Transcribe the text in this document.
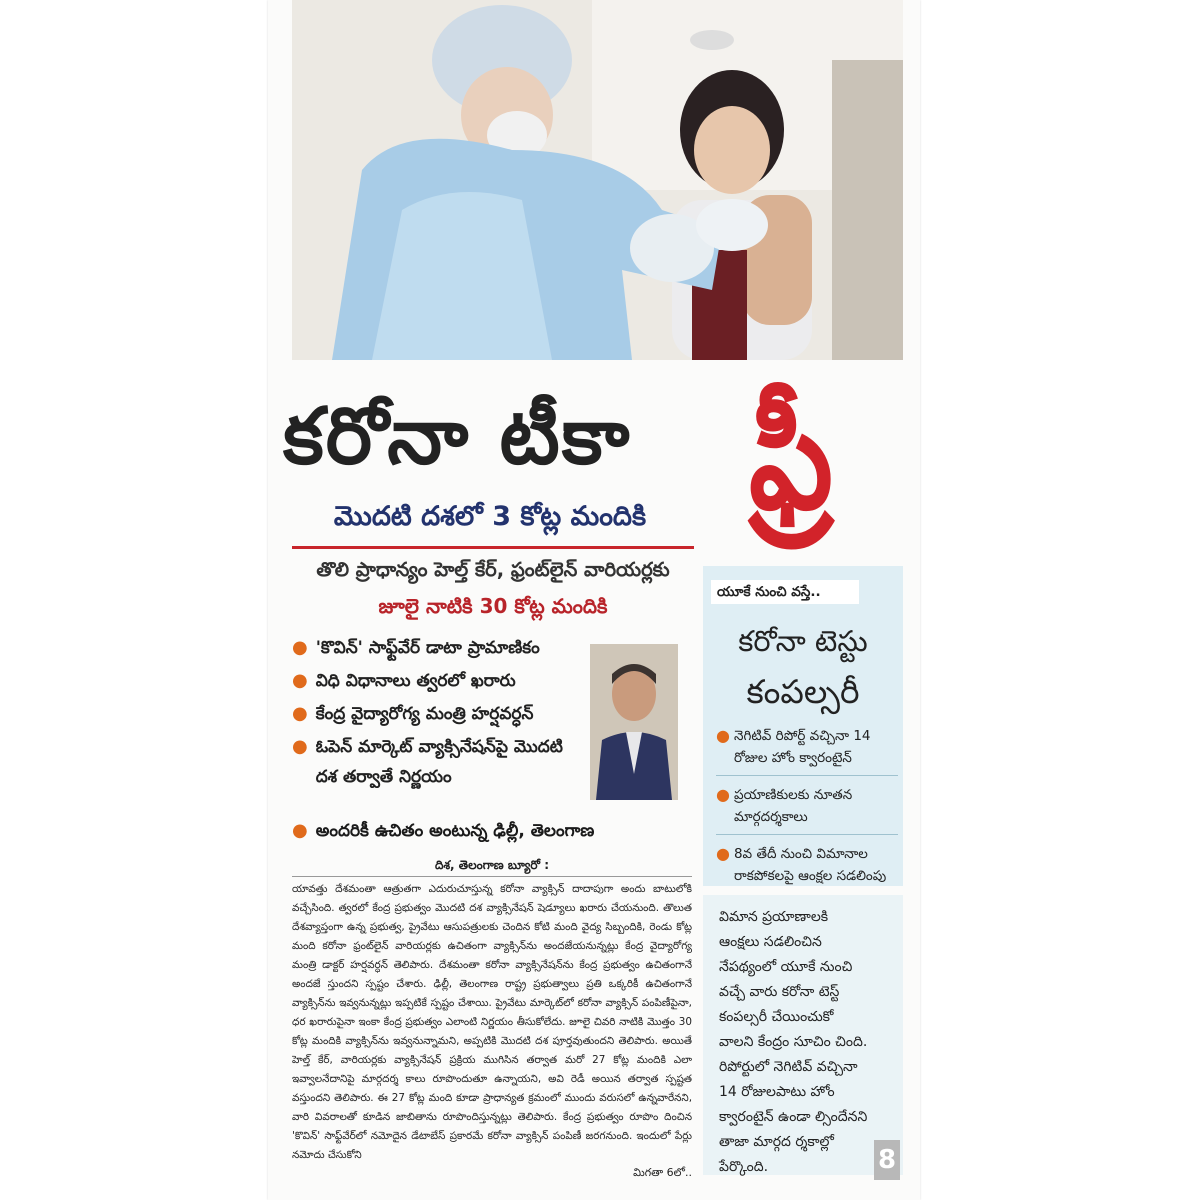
కరోనా టీకా ఫ్రీ
మొదటి దశలో 3 కోట్ల మందికి
తొలి ప్రాధాన్యం హెల్త్ కేర్, ఫ్రంట్‌లైన్ వారియర్లకు
జూలై నాటికి 30 కోట్ల మందికి
● 'కొవిన్' సాఫ్ట్‌వేర్ డాటా ప్రామాణికం
● విధి విధానాలు త్వరలో ఖరారు
● కేంద్ర వైద్యారోగ్య మంత్రి హర్షవర్ధన్
● ఓపెన్ మార్కెట్ వ్యాక్సినేషన్‌పై మొదటి దశ తర్వాతే నిర్ణయం
● అందరికీ ఉచితం అంటున్న ఢిల్లీ, తెలంగాణ
యూకే నుంచి వస్తే..
కరోనా టెస్టు
కంపల్సరీ
● నెగిటివ్ రిపోర్ట్ వచ్చినా 14 రోజుల హోం క్వారంటైన్
● ప్రయాణికులకు నూతన మార్గదర్శకాలు
● 8వ తేదీ నుంచి విమానాల రాకపోకలపై ఆంక్షల సడలింపు
విమాన ప్రయాణాలకి ఆంక్షలు సడలించిన నేపథ్యంలో యూకే నుంచి వచ్చే వారు కరోనా టెస్ట్ కంపల్సరీ చేయించుకో వాలని కేంద్రం సూచిం చింది. రిపోర్టులో నెగిటివ్ వచ్చినా 14 రోజులపాటు హోం క్వారంటైన్ ఉండా ల్సిందేనని తాజా మార్గద ర్శకాల్లో పేర్కొంది.	8
దిశ, తెలంగాణ బ్యూరో :
యావత్తు దేశమంతా ఆత్రుతగా ఎదురుచూస్తున్న కరోనా వ్యాక్సిన్ దాదాపుగా అందు బాటులోకి వచ్చేసింది. త్వరలో కేంద్ర ప్రభుత్వం మొదటి దశ వ్యాక్సినేషన్ షెడ్యూలు ఖరారు చేయనుంది. తొలుత దేశవ్యాప్తంగా ఉన్న ప్రభుత్వ, ప్రైవేటు ఆసుపత్రులకు చెందిన కోటి మంది వైద్య సిబ్బందికి, రెండు కోట్ల మంది కరోనా ఫ్రంట్‌లైన్ వారియర్లకు ఉచితంగా వ్యాక్సిన్‌ను అందజేయనున్నట్లు కేంద్ర వైద్యారోగ్య మంత్రి డాక్టర్ హర్షవర్ధన్ తెలిపారు. దేశమంతా కరోనా వ్యాక్సినేషన్‌ను కేంద్ర ప్రభుత్వం ఉచితంగానే అందజే స్తుందని స్పష్టం చేశారు. ఢిల్లీ, తెలంగాణ రాష్ట్ర ప్రభుత్వాలు ప్రతి ఒక్కరికీ ఉచితంగానే వ్యాక్సిన్‌ను ఇవ్వనున్నట్లు ఇప్పటికే స్పష్టం చేశాయి. ప్రైవేటు మార్కెట్‌లో కరోనా వ్యాక్సిన్ పంపిణీపైనా, ధర ఖరారుపైనా ఇంకా కేంద్ర ప్రభుత్వం ఎలాంటి నిర్ణయం తీసుకోలేదు. జూలై చివరి నాటికి మొత్తం 30 కోట్ల మందికి వ్యాక్సిన్‌ను ఇవ్వనున్నామని, అప్పటికి మొదటి దశ పూర్తవుతుందని తెలిపారు. అయితే హెల్త్ కేర్, వారియర్లకు వ్యాక్సినేషన్ ప్రక్రియ ముగిసిన తర్వాత మరో 27 కోట్ల మందికి ఎలా ఇవ్వాలనేదానిపై మార్గదర్శ కాలు రూపొందుతూ ఉన్నాయని, అవి రెడీ అయిన తర్వాత స్పష్టత వస్తుందని తెలిపారు. ఈ 27 కోట్ల మంది కూడా ప్రాధాన్యత క్రమంలో ముందు వరుసలో ఉన్నవారేనని, వారి వివరాలతో కూడిన జాబితాను రూపొందిస్తున్నట్లు తెలిపారు. కేంద్ర ప్రభుత్వం రూపొం దించిన 'కొవిన్' సాఫ్ట్‌వేర్‌లో నమోదైన డేటాబేస్ ప్రకారమే కరోనా వ్యాక్సిన్ పంపిణీ జరగనుంది. ఇందులో పేర్లు నమోదు చేసుకోని
మిగతా 6లో..
